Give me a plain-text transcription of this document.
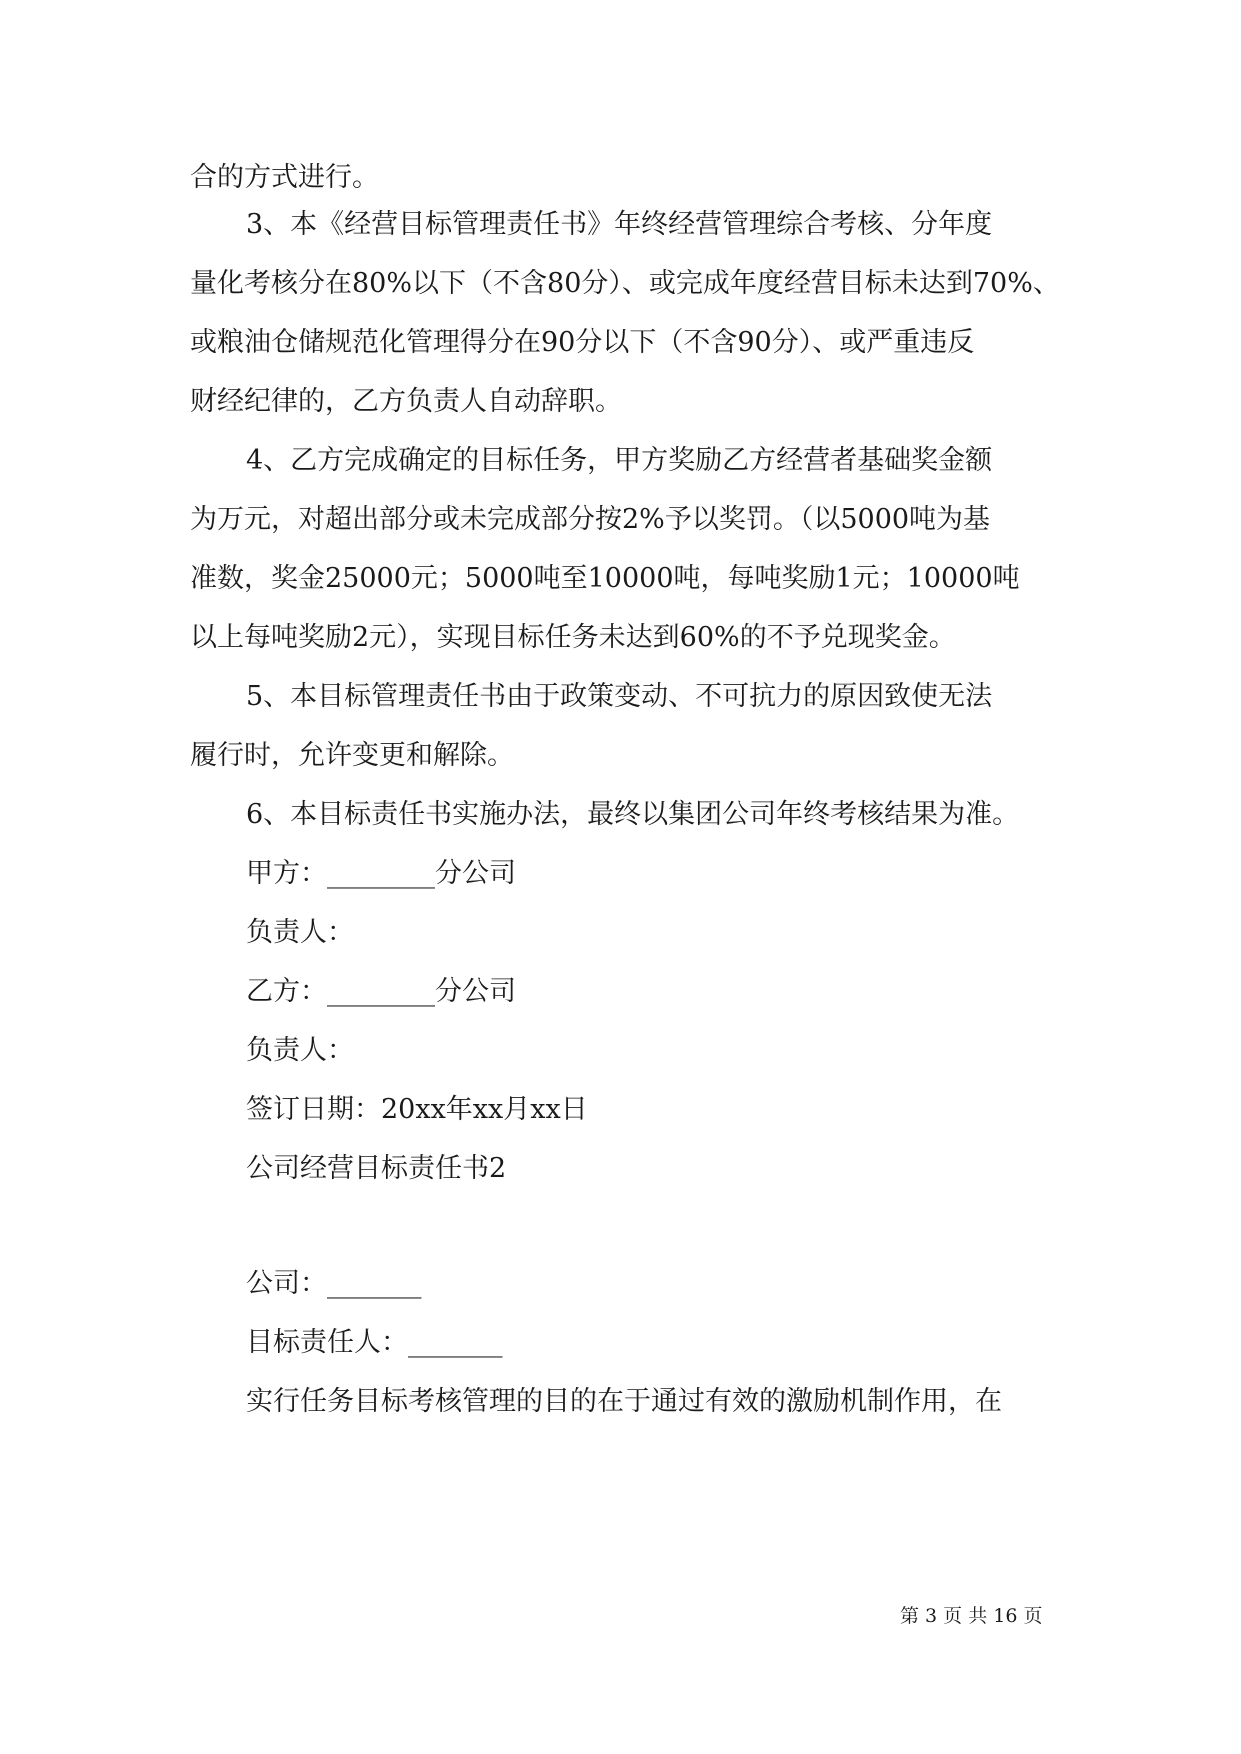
合的方式进行。
3、本《经营目标管理责任书》年终经营管理综合考核、分年度
量化考核分在80%以下（不含80分）、或完成年度经营目标未达到70%、
或粮油仓储规范化管理得分在90分以下（不含90分）、或严重违反
财经纪律的，乙方负责人自动辞职。
4、乙方完成确定的目标任务，甲方奖励乙方经营者基础奖金额
为万元，对超出部分或未完成部分按2%予以奖罚。（以5000吨为基
准数，奖金25000元；5000吨至10000吨，每吨奖励1元；10000吨
以上每吨奖励2元），实现目标任务未达到60%的不予兑现奖金。
5、本目标管理责任书由于政策变动、不可抗力的原因致使无法
履行时，允许变更和解除。
6、本目标责任书实施办法，最终以集团公司年终考核结果为准。
甲方：________分公司
负责人：
乙方：________分公司
负责人：
签订日期：20xx年xx月xx日
公司经营目标责任书2
公司：_______
目标责任人：_______
实行任务目标考核管理的目的在于通过有效的激励机制作用，在
第 3 页 共 16 页
